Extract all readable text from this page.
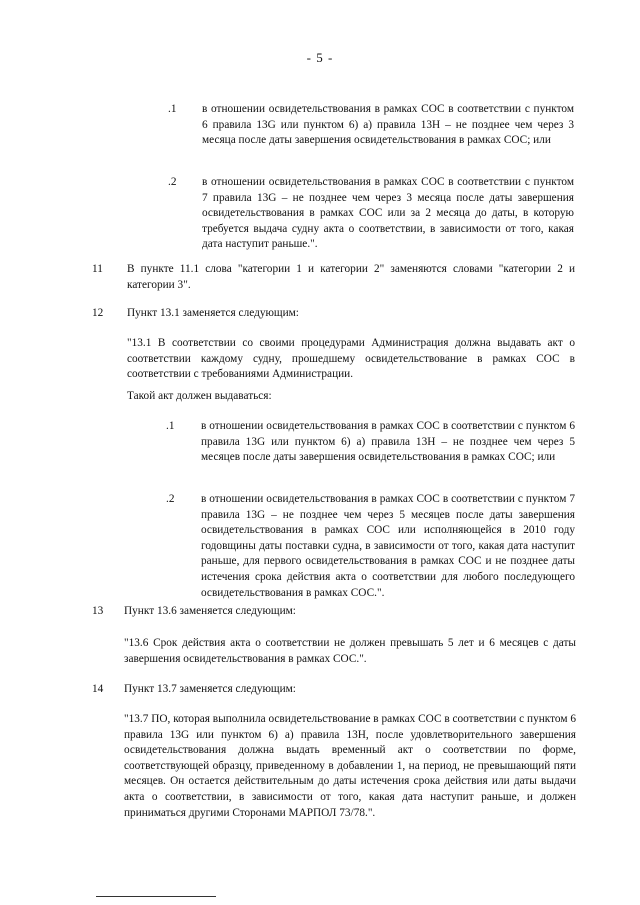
- 5 -
.1 в отношении освидетельствования в рамках СОС в соответствии с пунктом 6 правила 13G или пунктом 6) a) правила 13H – не позднее чем через 3 месяца после даты завершения освидетельствования в рамках СОС; или
.2 в отношении освидетельствования в рамках СОС в соответствии с пунктом 7 правила 13G – не позднее чем через 3 месяца после даты завершения освидетельствования в рамках СОС или за 2 месяца до даты, в которую требуется выдача судну акта о соответствии, в зависимости от того, какая дата наступит раньше.".
11 В пункте 11.1 слова "категории 1 и категории 2" заменяются словами "категории 2 и категории 3".
12 Пункт 13.1 заменяется следующим:
"13.1 В соответствии со своими процедурами Администрация должна выдавать акт о соответствии каждому судну, прошедшему освидетельствование в рамках СОС в соответствии с требованиями Администрации.
Такой акт должен выдаваться:
.1 в отношении освидетельствования в рамках СОС в соответствии с пунктом 6 правила 13G или пунктом 6) a) правила 13H – не позднее чем через 5 месяцев после даты завершения освидетельствования в рамках СОС; или
.2 в отношении освидетельствования в рамках СОС в соответствии с пунктом 7 правила 13G – не позднее чем через 5 месяцев после даты завершения освидетельствования в рамках СОС или исполняющейся в 2010 году годовщины даты поставки судна, в зависимости от того, какая дата наступит раньше, для первого освидетельствования в рамках СОС и не позднее даты истечения срока действия акта о соответствии для любого последующего освидетельствования в рамках СОС.".
13 Пункт 13.6 заменяется следующим:
"13.6 Срок действия акта о соответствии не должен превышать 5 лет и 6 месяцев с даты завершения освидетельствования в рамках СОС.".
14 Пункт 13.7 заменяется следующим:
"13.7 ПО, которая выполнила освидетельствование в рамках СОС в соответствии с пунктом 6 правила 13G или пунктом 6) a) правила 13H, после удовлетворительного завершения освидетельствования должна выдать временный акт о соответствии по форме, соответствующей образцу, приведенному в добавлении 1, на период, не превышающий пяти месяцев. Он остается действительным до даты истечения срока действия или даты выдачи акта о соответствии, в зависимости от того, какая дата наступит раньше, и должен приниматься другими Сторонами МАРПОЛ 73/78.".
